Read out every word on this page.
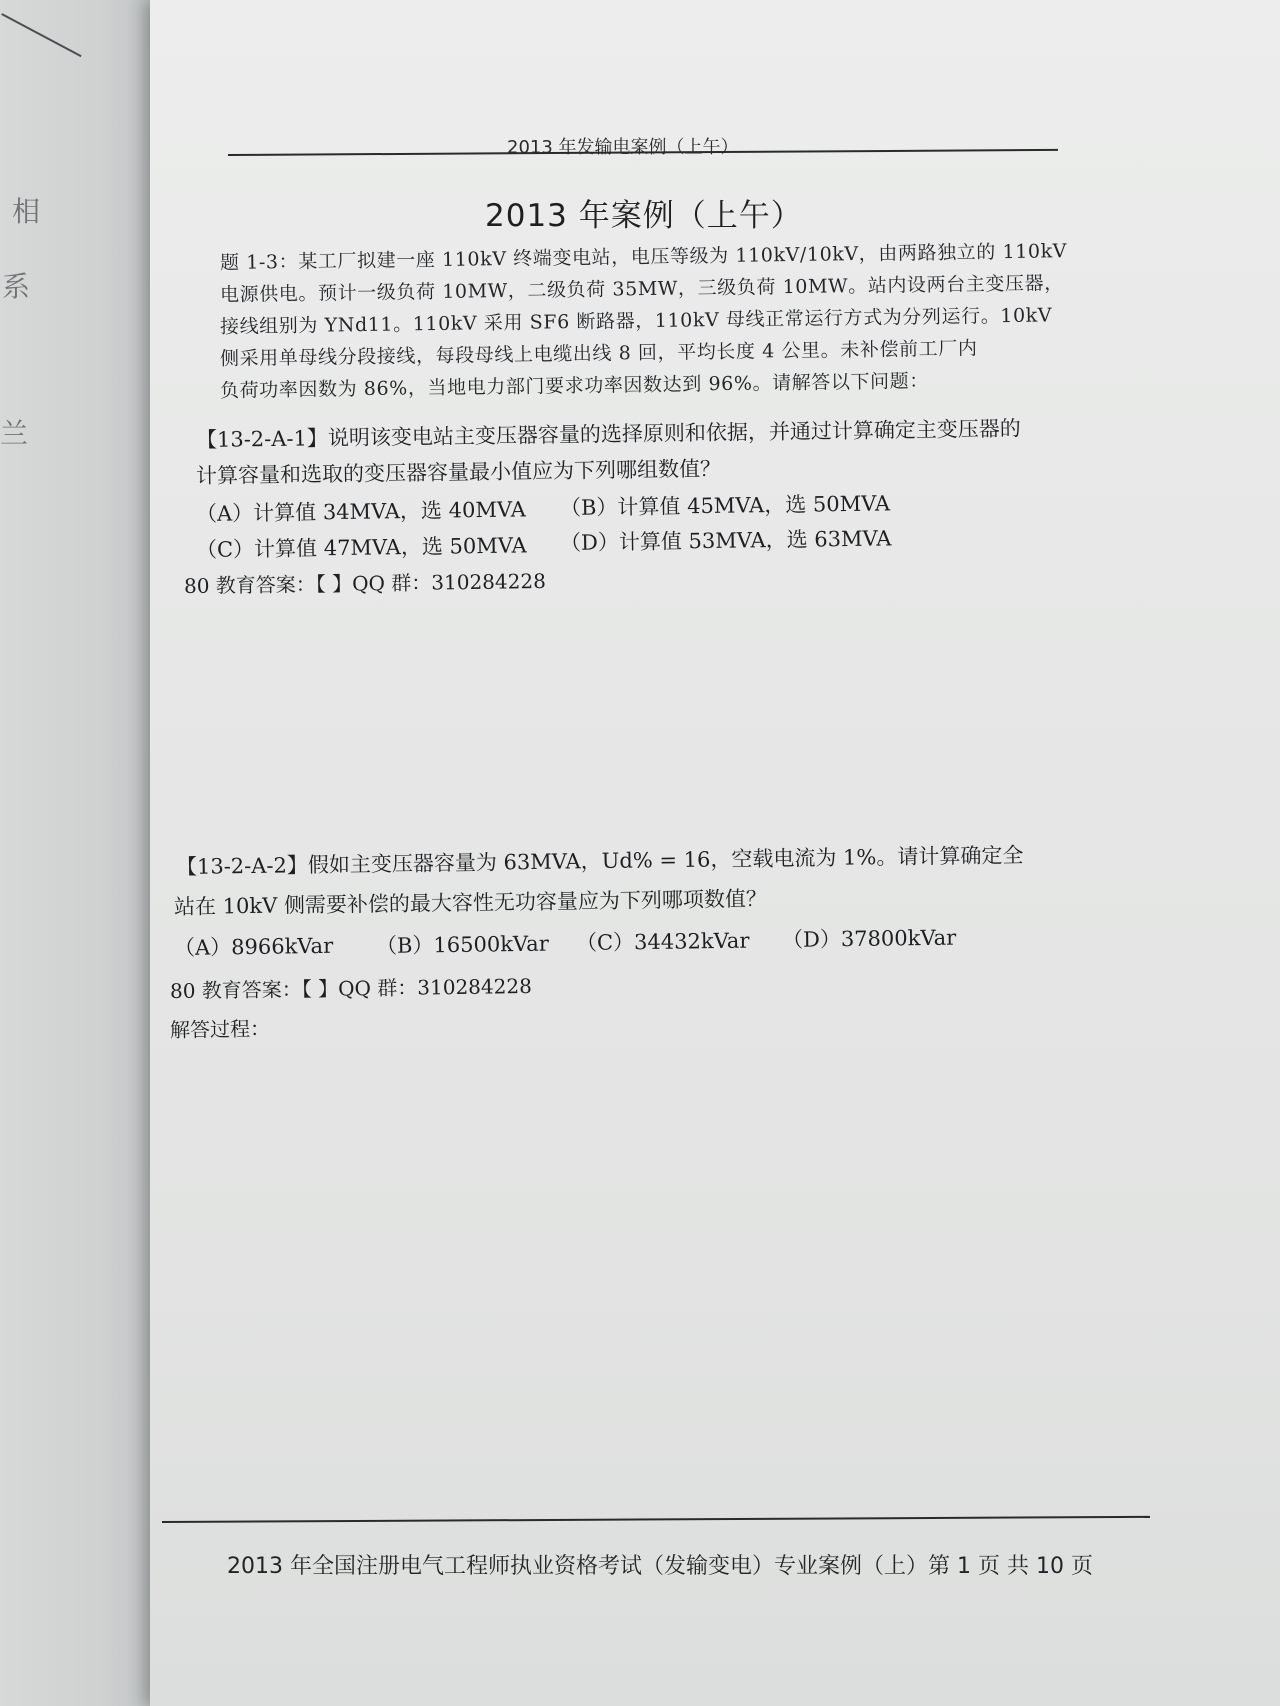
相
系
兰
2013 年发输电案例（上午）
2013 年案例（上午）
题 1-3：某工厂拟建一座 110kV 终端变电站，电压等级为 110kV/10kV，由两路独立的 110kV
电源供电。预计一级负荷 10MW，二级负荷 35MW，三级负荷 10MW。站内设两台主变压器，
接线组别为 YNd11。110kV 采用 SF6 断路器，110kV 母线正常运行方式为分列运行。10kV
侧采用单母线分段接线，每段母线上电缆出线 8 回，平均长度 4 公里。未补偿前工厂内
负荷功率因数为 86%，当地电力部门要求功率因数达到 96%。请解答以下问题：
【13-2-A-1】说明该变电站主变压器容量的选择原则和依据，并通过计算确定主变压器的
计算容量和选取的变压器容量最小值应为下列哪组数值？
（A）计算值 34MVA，选 40MVA （B）计算值 45MVA，选 50MVA
（C）计算值 47MVA，选 50MVA （D）计算值 53MVA，选 63MVA
80 教育答案：【 】QQ 群：310284228
【13-2-A-2】假如主变压器容量为 63MVA，Ud% = 16，空载电流为 1%。请计算确定全
站在 10kV 侧需要补偿的最大容性无功容量应为下列哪项数值？
（A）8966kVar （B）16500kVar （C）34432kVar （D）37800kVar
80 教育答案：【 】QQ 群：310284228
解答过程：
2013 年全国注册电气工程师执业资格考试（发输变电）专业案例（上）第 1 页 共 10 页
